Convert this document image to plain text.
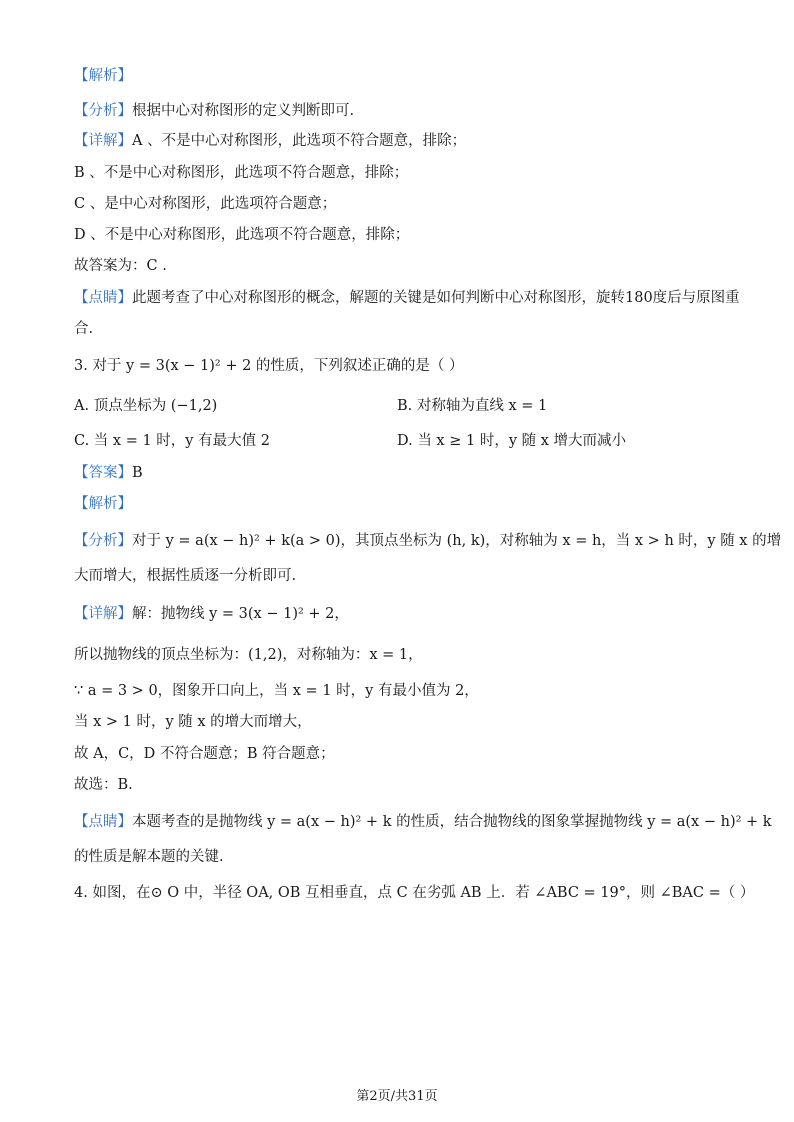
【解析】
【分析】根据中心对称图形的定义判断即可.
【详解】A 、不是中心对称图形，此选项不符合题意，排除；
B 、不是中心对称图形，此选项不符合题意，排除；
C 、是中心对称图形，此选项符合题意；
D 、不是中心对称图形，此选项不符合题意，排除；
故答案为：C .
【点睛】此题考查了中心对称图形的概念，解题的关键是如何判断中心对称图形，旋转180度后与原图重
合.
3. 对于 y = 3(x − 1)² + 2 的性质，下列叙述正确的是（ ）
A. 顶点坐标为 (−1,2)	B. 对称轴为直线 x = 1
C. 当 x = 1 时，y 有最大值 2	D. 当 x ≥ 1 时，y 随 x 增大而减小
【答案】B
【解析】
【分析】对于 y = a(x − h)² + k(a > 0)，其顶点坐标为 (h, k)，对称轴为 x = h，当 x > h 时，y 随 x 的增
大而增大，根据性质逐一分析即可.
【详解】解：抛物线 y = 3(x − 1)² + 2，
所以抛物线的顶点坐标为：(1,2)，对称轴为：x = 1，
∵ a = 3 > 0，图象开口向上，当 x = 1 时，y 有最小值为 2，
当 x > 1 时，y 随 x 的增大而增大，
故 A，C，D 不符合题意；B 符合题意；
故选：B.
【点睛】本题考查的是抛物线 y = a(x − h)² + k 的性质，结合抛物线的图象掌握抛物线 y = a(x − h)² + k
的性质是解本题的关键.
4. 如图，在⊙ O 中，半径 OA, OB 互相垂直，点 C 在劣弧 AB 上．若 ∠ABC = 19°，则 ∠BAC =（ ）
第2页/共31页
